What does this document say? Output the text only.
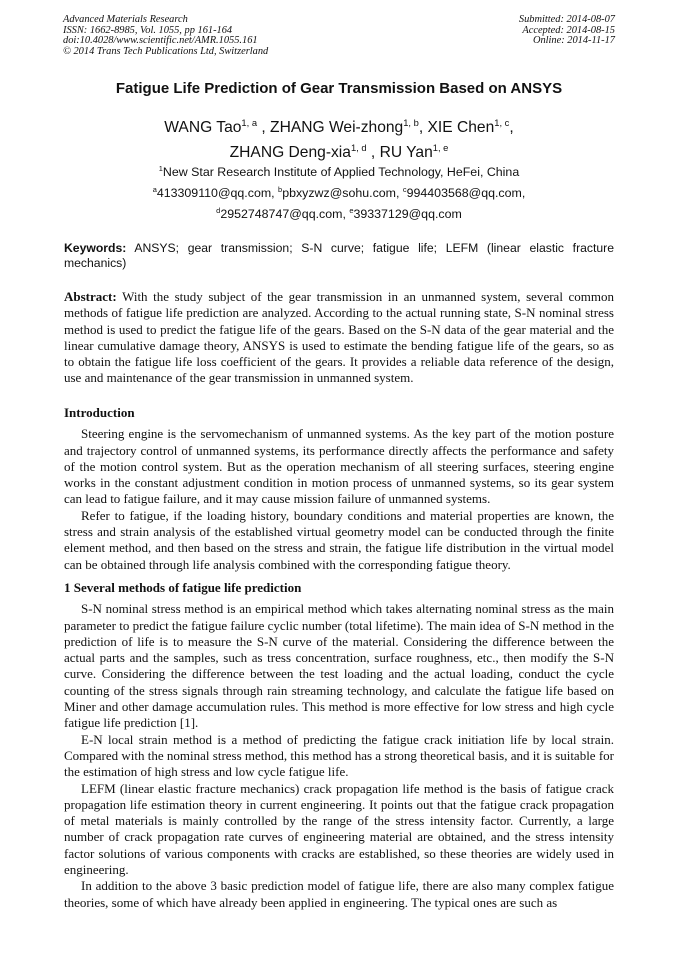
Advanced Materials Research
ISSN: 1662-8985, Vol. 1055, pp 161-164
doi:10.4028/www.scientific.net/AMR.1055.161
© 2014 Trans Tech Publications Ltd, Switzerland
Submitted: 2014-08-07
Accepted: 2014-08-15
Online: 2014-11-17
Fatigue Life Prediction of Gear Transmission Based on ANSYS
WANG Tao$^{1, a}$ , ZHANG Wei-zhong$^{1, b}$, XIE Chen$^{1, c}$,
ZHANG Deng-xia$^{1, d}$ , RU Yan$^{1, e}$
$^1$New Star Research Institute of Applied Technology, HeFei, China
$^a$413309110@qq.com, $^b$pbxyzwz@sohu.com, $^c$994403568@qq.com,
$^d$2952748747@qq.com, $^e$39337129@qq.com
Keywords: ANSYS; gear transmission; S-N curve; fatigue life; LEFM (linear elastic fracture mechanics)

Abstract: With the study subject of the gear transmission in an unmanned system, several common methods of fatigue life prediction are analyzed. According to the actual running state, S-N nominal stress method is used to predict the fatigue life of the gears. Based on the S-N data of the gear material and the linear cumulative damage theory, ANSYS is used to estimate the bending fatigue life of the gears, so as to obtain the fatigue life loss coefficient of the gears. It provides a reliable data reference of the design, use and maintenance of the gear transmission in unmanned system.

Introduction

Steering engine is the servomechanism of unmanned systems. As the key part of the motion posture and trajectory control of unmanned systems, its performance directly affects the performance and safety of the motion control system. But as the operation mechanism of all steering surfaces, steering engine works in the constant adjustment condition in motion process of unmanned systems, so its gear system can lead to fatigue failure, and it may cause mission failure of unmanned systems.

Refer to fatigue, if the loading history, boundary conditions and material properties are known, the stress and strain analysis of the established virtual geometry model can be conducted through the finite element method, and then based on the stress and strain, the fatigue life distribution in the virtual model can be obtained through life analysis combined with the corresponding fatigue theory.

1 Several methods of fatigue life prediction

S-N nominal stress method is an empirical method which takes alternating nominal stress as the main parameter to predict the fatigue failure cyclic number (total lifetime). The main idea of S-N method in the prediction of life is to measure the S-N curve of the material. Considering the difference between the actual parts and the samples, such as tress concentration, surface roughness, etc., then modify the S-N curve. Considering the difference between the test loading and the actual loading, conduct the cycle counting of the stress signals through rain streaming technology, and calculate the fatigue life based on Miner and other damage accumulation rules. This method is more effective for low stress and high cycle fatigue life prediction [1].

E-N local strain method is a method of predicting the fatigue crack initiation life by local strain. Compared with the nominal stress method, this method has a strong theoretical basis, and it is suitable for the estimation of high stress and low cycle fatigue life.

LEFM (linear elastic fracture mechanics) crack propagation life method is the basis of fatigue crack propagation life estimation theory in current engineering. It points out that the fatigue crack propagation of metal materials is mainly controlled by the range of the stress intensity factor. Currently, a large number of crack propagation rate curves of engineering material are obtained, and the stress intensity factor solutions of various components with cracks are established, so these theories are widely used in engineering.

In addition to the above 3 basic prediction model of fatigue life, there are also many complex fatigue theories, some of which have already been applied in engineering. The typical ones are such as
